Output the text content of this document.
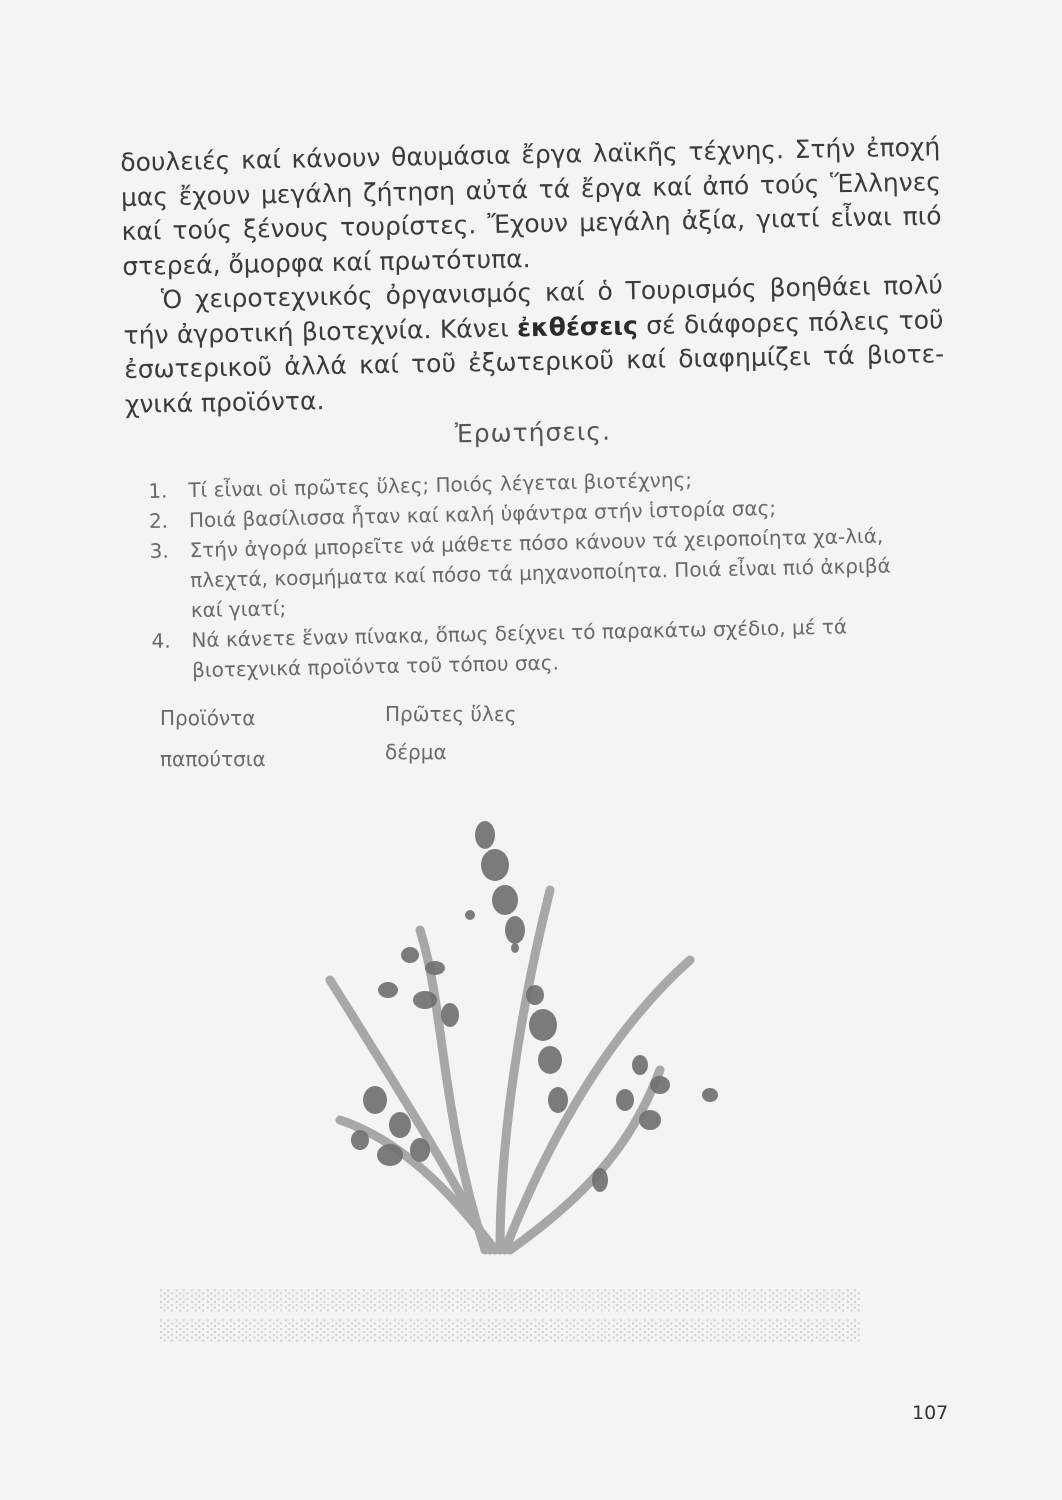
░░░░░░░░░░░░░░░░░░░░░░░░░░░░░░░░░░░░░░░░░░░░░
░░░░░░░░░░░░░░░░░░░░░░░░░░░░░░░░░░░░░░░░░░░░░

δουλειές καί κάνουν θαυμάσια ἔργα λαϊκῆς τέχνης. Στήν ἐποχή μας ἔχουν μεγάλη ζήτηση αὐτά τά ἔργα καί ἀπό τούς Ἕλληνες καί τούς ξένους τουρίστες. Ἔχουν μεγάλη ἀξία, γιατί εἶναι πιό στερεά, ὄμορφα καί πρωτότυπα.

Ὁ χειροτεχνικός ὀργανισμός καί ὁ Τουρισμός βοηθάει πολύ τήν ἀγροτική βιοτεχνία. Κάνει ἐκθέσεις σέ διάφορες πόλεις τοῦ ἐσωτερικοῦ ἀλλά καί τοῦ ἐξωτερικοῦ καί διαφημίζει τά βιοτε-χνικά προϊόντα.

Ἐρωτήσεις.
1.	Τί εἶναι οἱ πρῶτες ὕλες; Ποιός λέγεται βιοτέχνης;
2.	Ποιά βασίλισσα ἦταν καί καλή ὑφάντρα στήν ἱστορία σας;
3.	Στήν ἀγορά μπορεῖτε νά μάθετε πόσο κάνουν τά χειροποίητα χα-λιά, πλεχτά, κοσμήματα καί πόσο τά μηχανοποίητα. Ποιά εἶναι πιό ἀκριβά καί γιατί;
4.	Νά κάνετε ἕναν πίνακα, ὅπως δείχνει τό παρακάτω σχέδιο, μέ τά βιοτεχνικά προϊόντα τοῦ τόπου σας.
Προϊόντα	Πρῶτες ὕλες
παπούτσια	δέρμα
107
